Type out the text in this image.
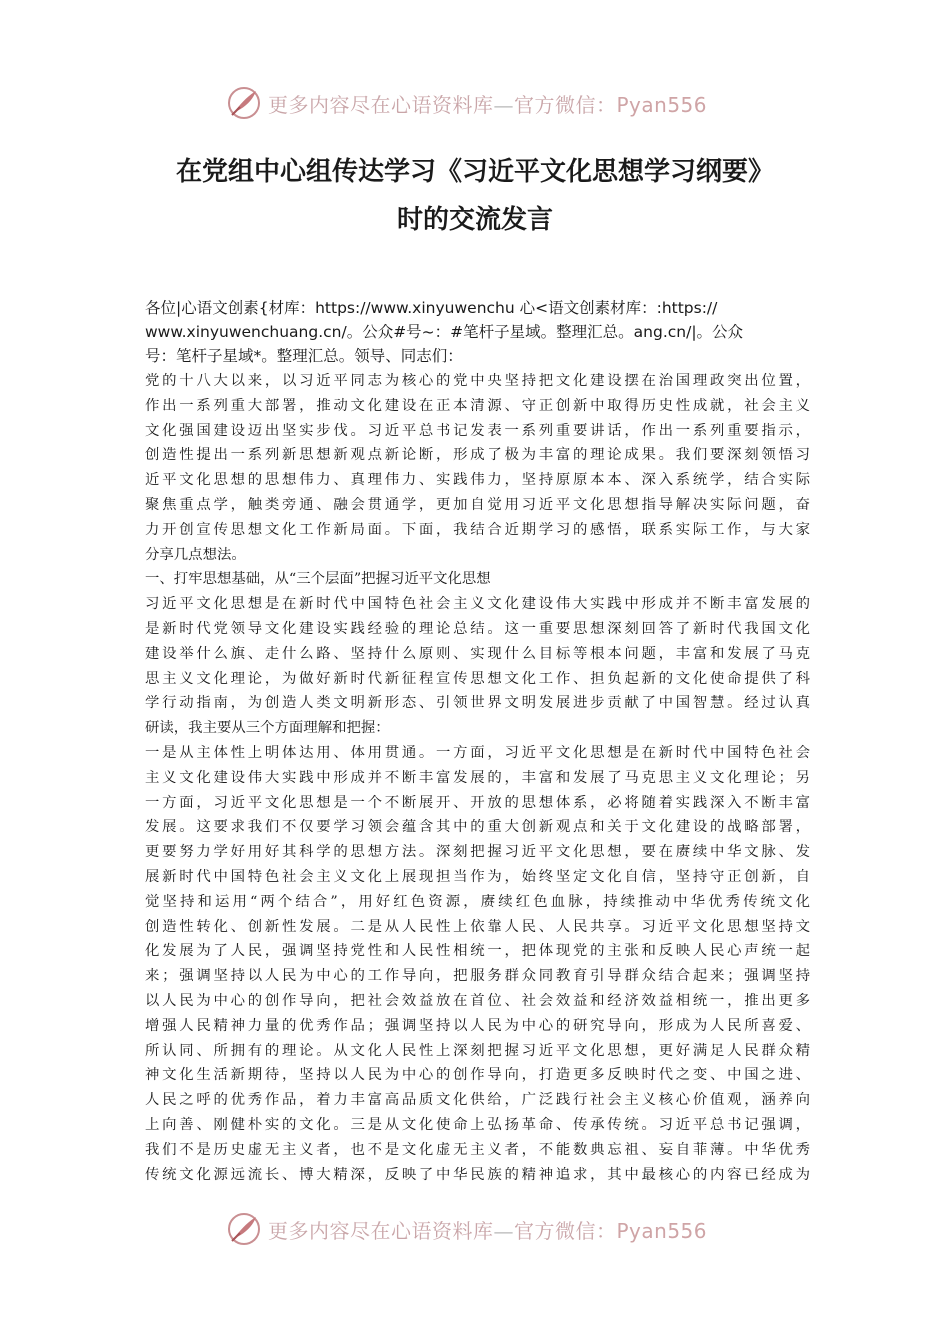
更多内容尽在心语资料库—官方微信：Pyan556
在党组中心组传达学习《习近平文化思想学习纲要》
时的交流发言
各位|心语文创素{材库：https://www.xinyuwenchu 心<语文创素材库：:https://
www.xinyuwenchuang.cn/。公众#号~：#笔杆子星域。整理汇总。ang.cn/|。公众
号：笔杆子星域*。整理汇总。领导、同志们：
党的十八大以来，以习近平同志为核心的党中央坚持把文化建设摆在治国理政突出位置，
作出一系列重大部署，推动文化建设在正本清源、守正创新中取得历史性成就，社会主义
文化强国建设迈出坚实步伐。习近平总书记发表一系列重要讲话，作出一系列重要指示，
创造性提出一系列新思想新观点新论断，形成了极为丰富的理论成果。我们要深刻领悟习
近平文化思想的思想伟力、真理伟力、实践伟力，坚持原原本本、深入系统学，结合实际
聚焦重点学，触类旁通、融会贯通学，更加自觉用习近平文化思想指导解决实际问题，奋
力开创宣传思想文化工作新局面。下面，我结合近期学习的感悟，联系实际工作，与大家
分享几点想法。
一、打牢思想基础，从“三个层面”把握习近平文化思想
习近平文化思想是在新时代中国特色社会主义文化建设伟大实践中形成并不断丰富发展的
是新时代党领导文化建设实践经验的理论总结。这一重要思想深刻回答了新时代我国文化
建设举什么旗、走什么路、坚持什么原则、实现什么目标等根本问题，丰富和发展了马克
思主义文化理论，为做好新时代新征程宣传思想文化工作、担负起新的文化使命提供了科
学行动指南，为创造人类文明新形态、引领世界文明发展进步贡献了中国智慧。经过认真
研读，我主要从三个方面理解和把握：
一是从主体性上明体达用、体用贯通。一方面，习近平文化思想是在新时代中国特色社会
主义文化建设伟大实践中形成并不断丰富发展的，丰富和发展了马克思主义文化理论；另
一方面，习近平文化思想是一个不断展开、开放的思想体系，必将随着实践深入不断丰富
发展。这要求我们不仅要学习领会蕴含其中的重大创新观点和关于文化建设的战略部署，
更要努力学好用好其科学的思想方法。深刻把握习近平文化思想，要在赓续中华文脉、发
展新时代中国特色社会主义文化上展现担当作为，始终坚定文化自信，坚持守正创新，自
觉坚持和运用“两个结合”，用好红色资源，赓续红色血脉，持续推动中华优秀传统文化
创造性转化、创新性发展。二是从人民性上依靠人民、人民共享。习近平文化思想坚持文
化发展为了人民，强调坚持党性和人民性相统一，把体现党的主张和反映人民心声统一起
来；强调坚持以人民为中心的工作导向，把服务群众同教育引导群众结合起来；强调坚持
以人民为中心的创作导向，把社会效益放在首位、社会效益和经济效益相统一，推出更多
增强人民精神力量的优秀作品；强调坚持以人民为中心的研究导向，形成为人民所喜爱、
所认同、所拥有的理论。从文化人民性上深刻把握习近平文化思想，更好满足人民群众精
神文化生活新期待，坚持以人民为中心的创作导向，打造更多反映时代之变、中国之进、
人民之呼的优秀作品，着力丰富高品质文化供给，广泛践行社会主义核心价值观，涵养向
上向善、刚健朴实的文化。三是从文化使命上弘扬革命、传承传统。习近平总书记强调，
我们不是历史虚无主义者，也不是文化虚无主义者，不能数典忘祖、妄自菲薄。中华优秀
传统文化源远流长、博大精深，反映了中华民族的精神追求，其中最核心的内容已经成为
更多内容尽在心语资料库—官方微信：Pyan556
